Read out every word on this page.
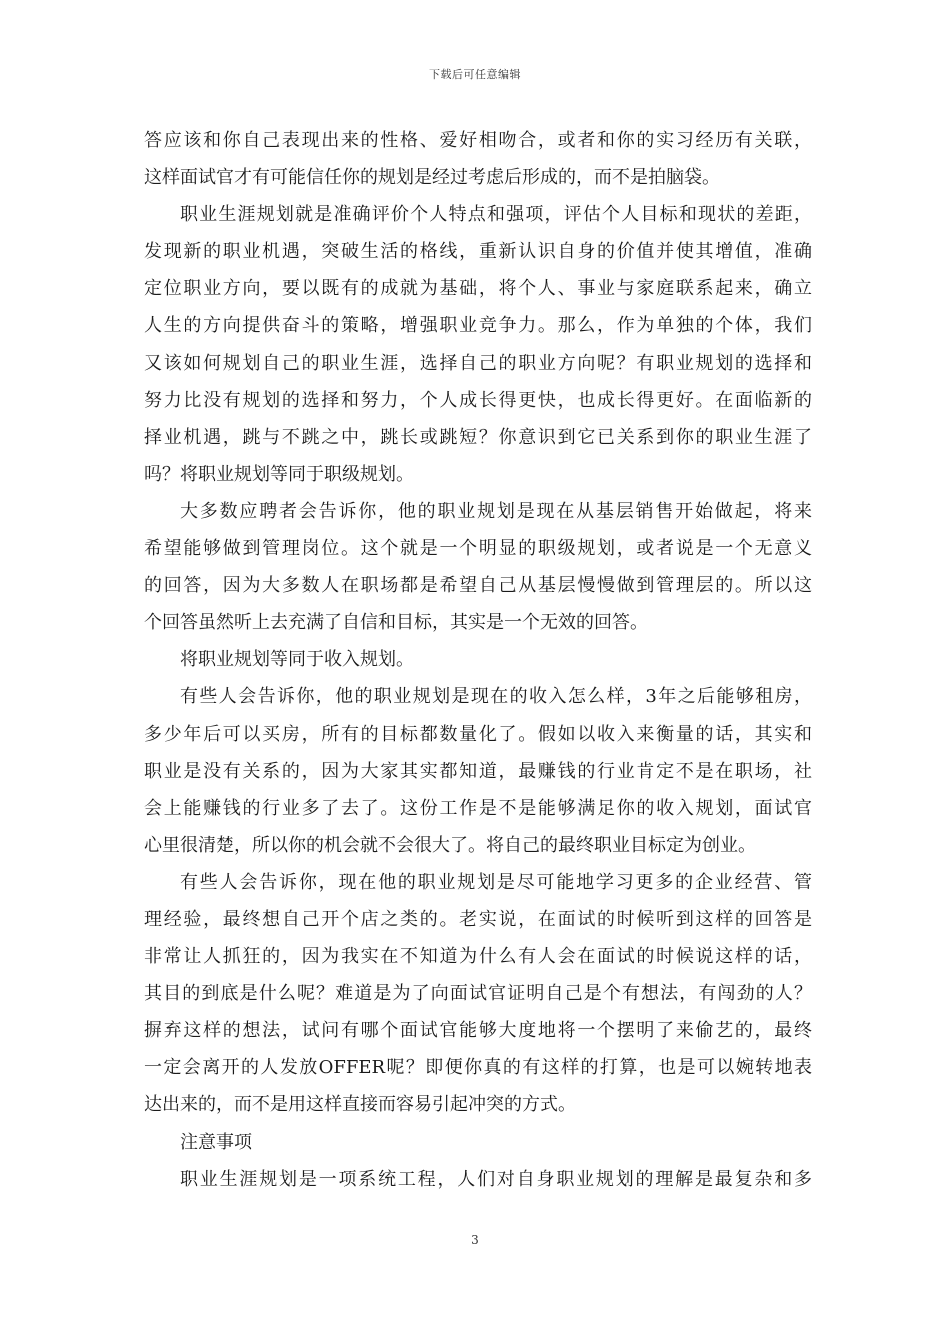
下载后可任意编辑
答应该和你自己表现出来的性格、爱好相吻合，或者和你的实习经历有关联，
这样面试官才有可能信任你的规划是经过考虑后形成的，而不是拍脑袋。
职业生涯规划就是准确评价个人特点和强项，评估个人目标和现状的差距，
发现新的职业机遇，突破生活的格线，重新认识自身的价值并使其增值，准确
定位职业方向，要以既有的成就为基础，将个人、事业与家庭联系起来，确立
人生的方向提供奋斗的策略，增强职业竞争力。那么，作为单独的个体，我们
又该如何规划自己的职业生涯，选择自己的职业方向呢？有职业规划的选择和
努力比没有规划的选择和努力，个人成长得更快，也成长得更好。在面临新的
择业机遇，跳与不跳之中，跳长或跳短？你意识到它已关系到你的职业生涯了
吗？将职业规划等同于职级规划。
大多数应聘者会告诉你，他的职业规划是现在从基层销售开始做起，将来
希望能够做到管理岗位。这个就是一个明显的职级规划，或者说是一个无意义
的回答，因为大多数人在职场都是希望自己从基层慢慢做到管理层的。所以这
个回答虽然听上去充满了自信和目标，其实是一个无效的回答。
将职业规划等同于收入规划。
有些人会告诉你，他的职业规划是现在的收入怎么样，3年之后能够租房，
多少年后可以买房，所有的目标都数量化了。假如以收入来衡量的话，其实和
职业是没有关系的，因为大家其实都知道，最赚钱的行业肯定不是在职场，社
会上能赚钱的行业多了去了。这份工作是不是能够满足你的收入规划，面试官
心里很清楚，所以你的机会就不会很大了。将自己的最终职业目标定为创业。
有些人会告诉你，现在他的职业规划是尽可能地学习更多的企业经营、管
理经验，最终想自己开个店之类的。老实说，在面试的时候听到这样的回答是
非常让人抓狂的，因为我实在不知道为什么有人会在面试的时候说这样的话，
其目的到底是什么呢？难道是为了向面试官证明自己是个有想法，有闯劲的人？
摒弃这样的想法，试问有哪个面试官能够大度地将一个摆明了来偷艺的，最终
一定会离开的人发放OFFER呢？即便你真的有这样的打算，也是可以婉转地表
达出来的，而不是用这样直接而容易引起冲突的方式。
注意事项
职业生涯规划是一项系统工程，人们对自身职业规划的理解是最复杂和多
3
